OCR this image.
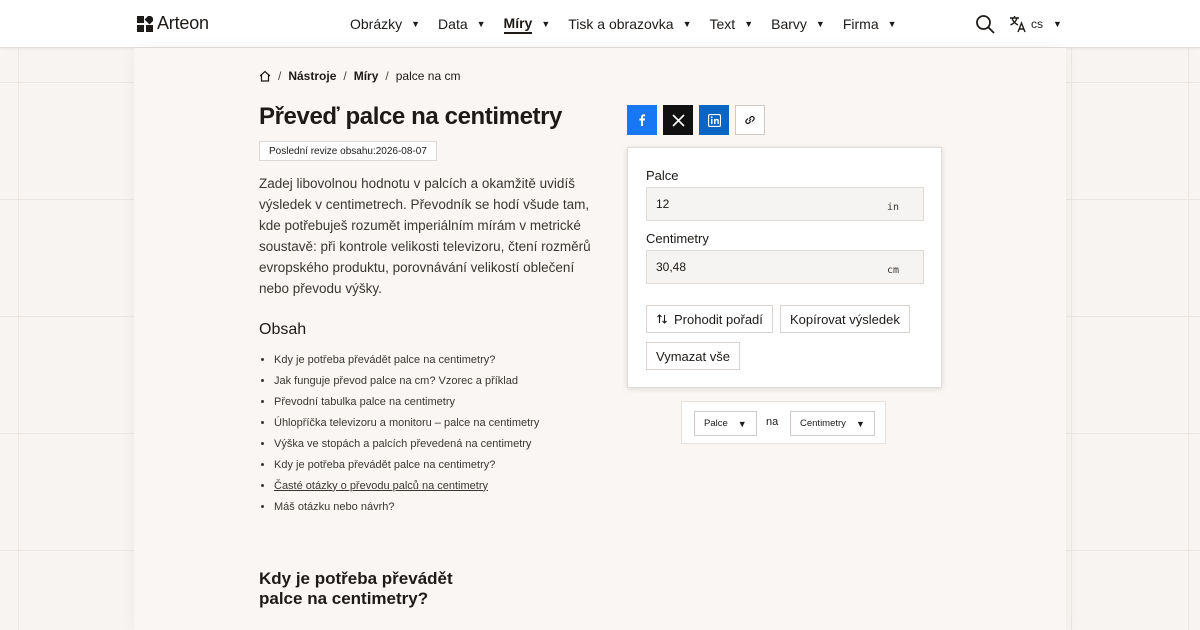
Arteon	Obrázky ▼ Data ▼ Míry ▼ Tisk a obrazovka ▼ Text ▼ Barvy ▼ Firma ▼	cs ▼
/ Nástroje / Míry / palce na cm
Převeď palce na centimetry
Poslední revize obsahu: 2026-08-07

Zadej libovolnou hodnotu v palcích a okamžitě uvidíš výsledek v centimetrech. Převodník se hodí všude tam, kde potřebuješ rozumět imperiálním mírám v metrické soustavě: při kontrole velikosti televizoru, čtení rozměrů evropského produktu, porovnávání velikostí oblečení nebo převodu výšky.

Obsah
Kdy je potřeba převádět palce na centimetry?
Jak funguje převod palce na cm? Vzorec a příklad
Převodní tabulka palce na centimetry
Úhlopříčka televizoru a monitoru – palce na centimetry
Výška ve stopách a palcích převedená na centimetry
Kdy je potřeba převádět palce na centimetry?
Časté otázky o převodu palců na centimetry
Máš otázku nebo návrh?
Kdy je potřeba převádět palce na centimetry?
Palce
12
in
Centimetry
30,48
cm
Prohodit pořadí Kopírovat výsledek
Vymazat vše
Palce ▼ na Centimetry ▼
